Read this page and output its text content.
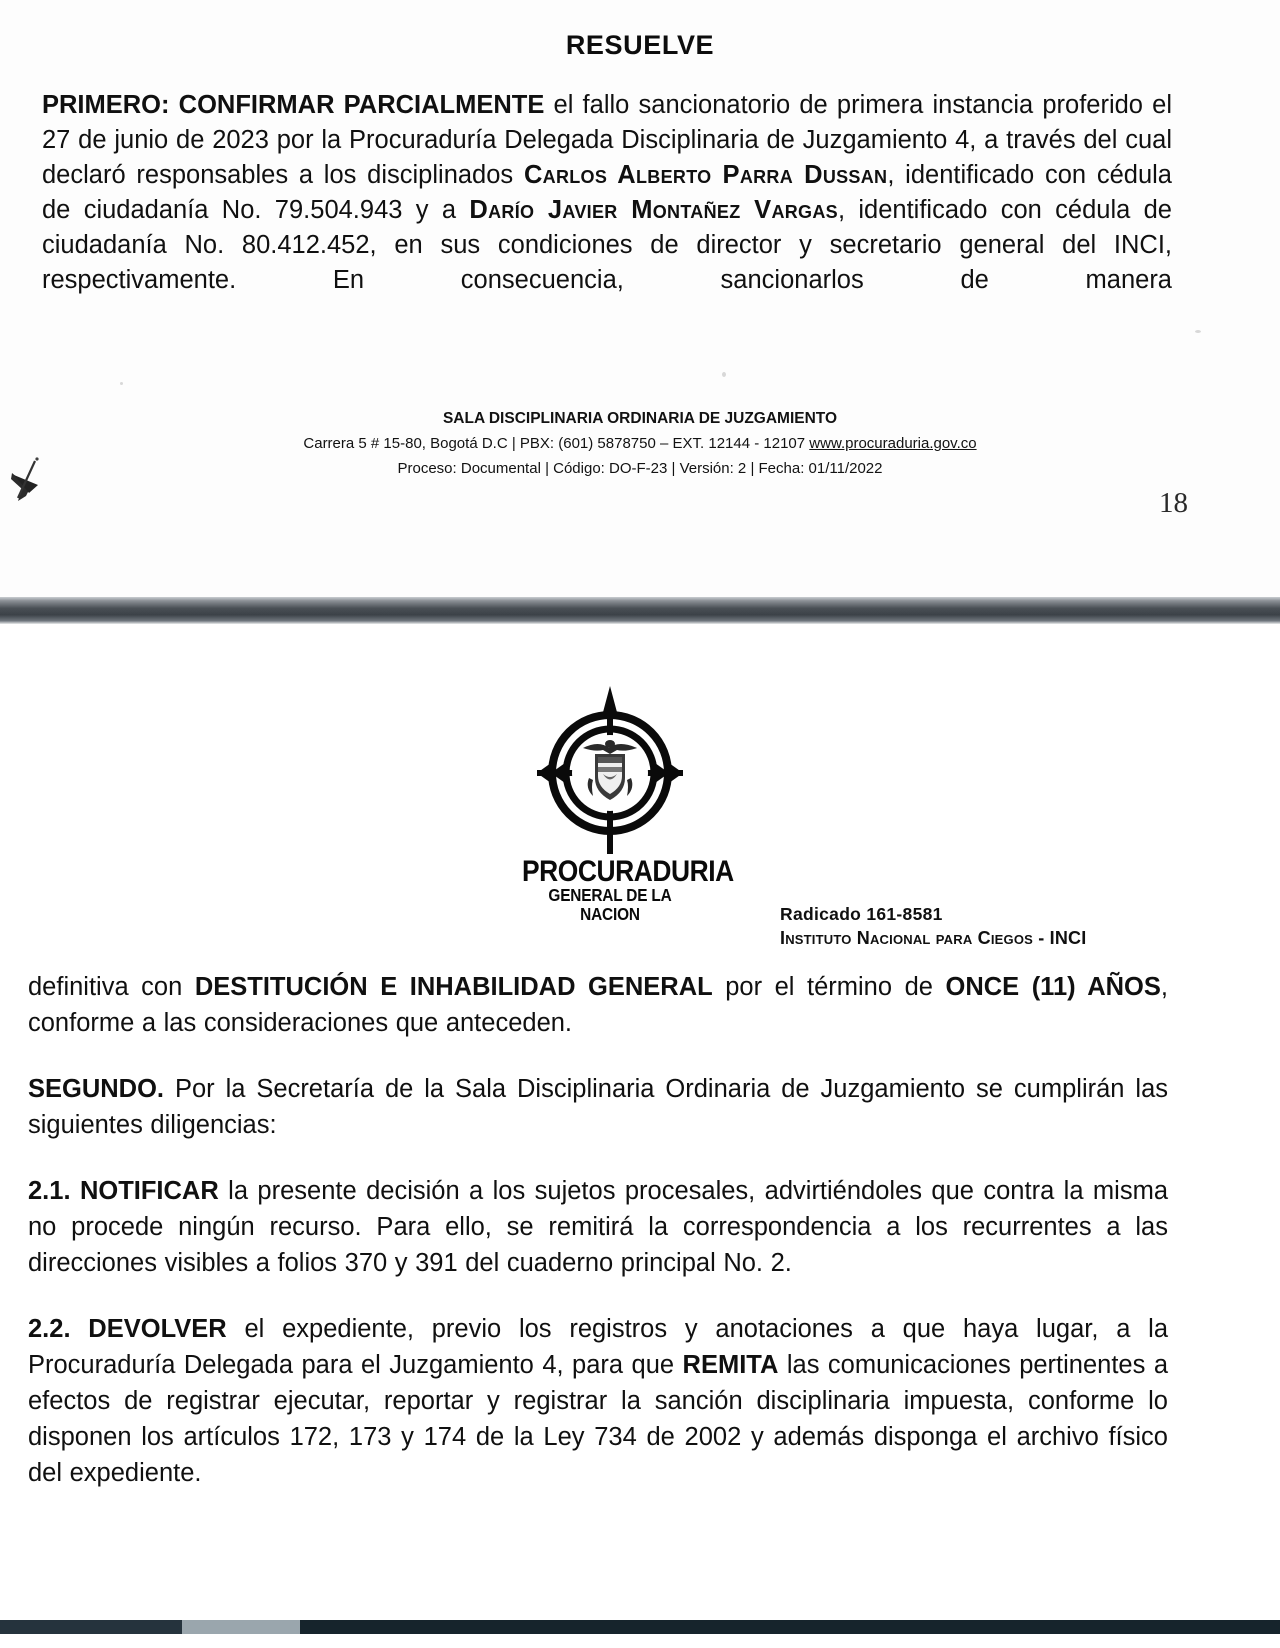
RESUELVE

PRIMERO: CONFIRMAR PARCIALMENTE el fallo sancionatorio de primera instancia proferido el 27 de junio de 2023 por la Procuraduría Delegada Disciplinaria de Juzgamiento 4, a través del cual declaró responsables a los disciplinados Carlos Alberto Parra Dussan, identificado con cédula de ciudadanía No. 79.504.943 y a Darío Javier Montañez Vargas, identificado con cédula de ciudadanía No. 80.412.452, en sus condiciones de director y secretario general del INCI, respectivamente. En consecuencia, sancionarlos de manera

SALA DISCIPLINARIA ORDINARIA DE JUZGAMIENTO
Carrera 5 # 15-80, Bogotá D.C | PBX: (601) 5878750 – EXT. 12144 - 12107 www.procuraduria.gov.co
Proceso: Documental | Código: DO-F-23 | Versión: 2 | Fecha: 01/11/2022
18
PROCURADURIA
GENERAL DE LA NACION	Radicado 161-8581
Instituto Nacional para Ciegos - INCI

definitiva con DESTITUCIÓN E INHABILIDAD GENERAL por el término de ONCE (11) AÑOS, conforme a las consideraciones que anteceden.

SEGUNDO. Por la Secretaría de la Sala Disciplinaria Ordinaria de Juzgamiento se cumplirán las siguientes diligencias:

2.1. NOTIFICAR la presente decisión a los sujetos procesales, advirtiéndoles que contra la misma no procede ningún recurso. Para ello, se remitirá la correspondencia a los recurrentes a las direcciones visibles a folios 370 y 391 del cuaderno principal No. 2.

2.2. DEVOLVER el expediente, previo los registros y anotaciones a que haya lugar, a la Procuraduría Delegada para el Juzgamiento 4, para que REMITA las comunicaciones pertinentes a efectos de registrar ejecutar, reportar y registrar la sanción disciplinaria impuesta, conforme lo disponen los artículos 172, 173 y 174 de la Ley 734 de 2002 y además disponga el archivo físico del expediente.
